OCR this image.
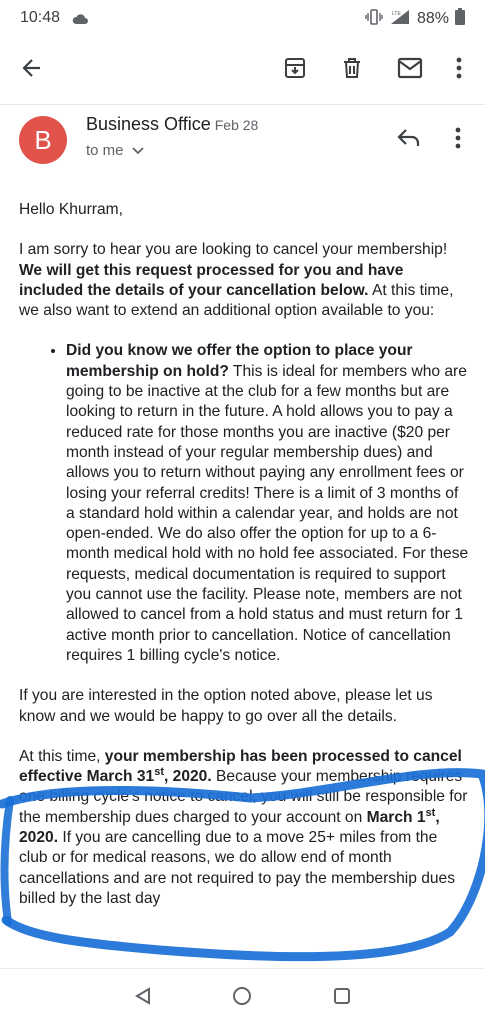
10:48	LTE 88%
B
Business Office Feb 28
to me

Hello Khurram,

I am sorry to hear you are looking to cancel your membership! We will get this request processed for you and have included the details of your cancellation below. At this time, we also want to extend an additional option available to you:

• Did you know we offer the option to place your membership on hold? This is ideal for members who are going to be inactive at the club for a few months but are looking to return in the future. A hold allows you to pay a reduced rate for those months you are inactive ($20 per month instead of your regular membership dues) and allows you to return without paying any enrollment fees or losing your referral credits! There is a limit of 3 months of a standard hold within a calendar year, and holds are not open-ended. We do also offer the option for up to a 6-month medical hold with no hold fee associated. For these requests, medical documentation is required to support you cannot use the facility. Please note, members are not allowed to cancel from a hold status and must return for 1 active month prior to cancellation. Notice of cancellation requires 1 billing cycle's notice.

If you are interested in the option noted above, please let us know and we would be happy to go over all the details.

At this time, your membership has been processed to cancel effective March 31st, 2020. Because your membership requires one billing cycle's notice to cancel, you will still be responsible for the membership dues charged to your account on March 1st, 2020. If you are cancelling due to a move 25+ miles from the club or for medical reasons, we do allow end of month cancellations and are not required to pay the membership dues billed by the last day
